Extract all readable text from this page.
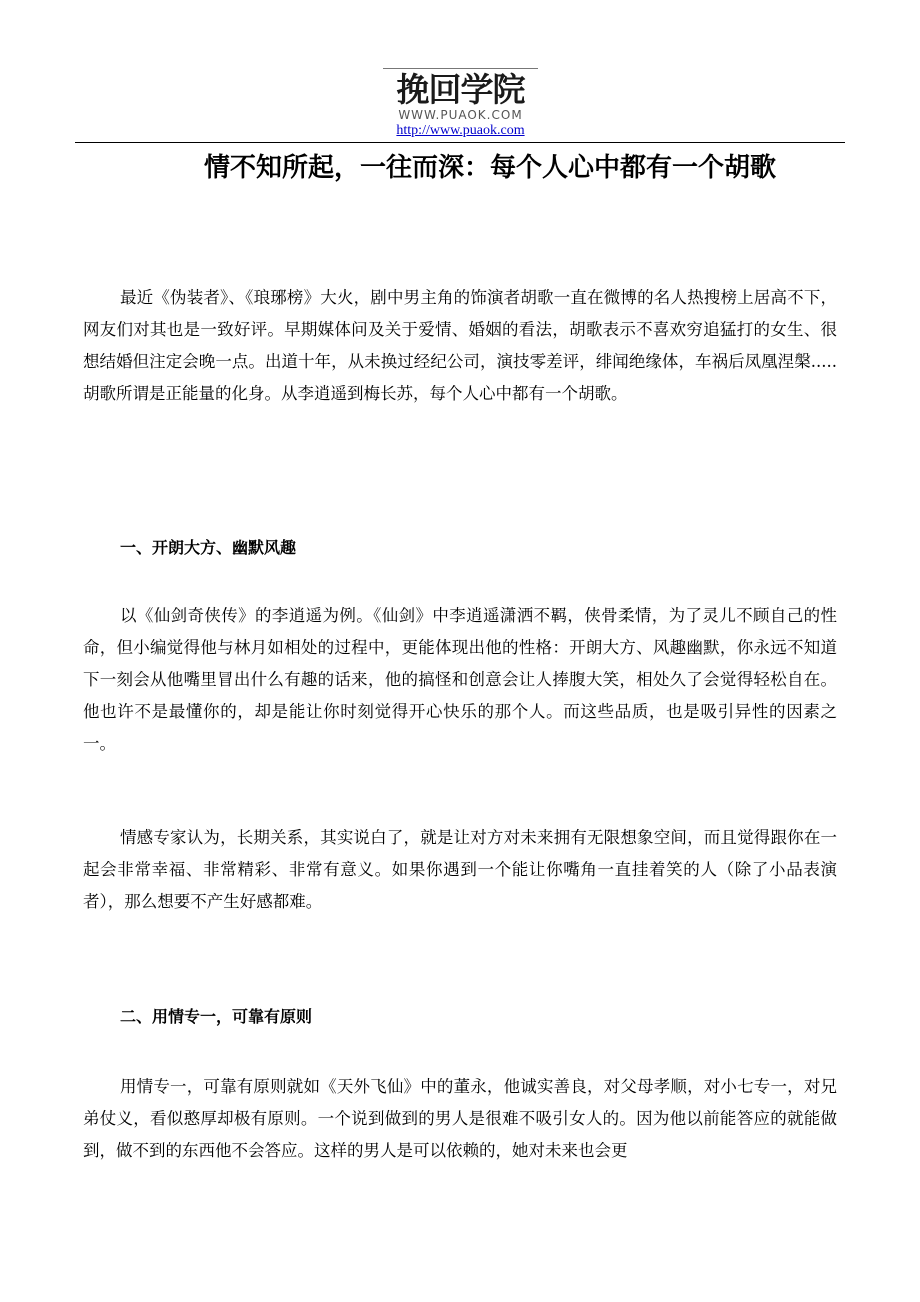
挽回学院
WWW.PUAOK.COM
http://www.puaok.com
情不知所起，一往而深：每个人心中都有一个胡歌

最近《伪装者》、《琅琊榜》大火，剧中男主角的饰演者胡歌一直在微博的名人热搜榜上居高不下，网友们对其也是一致好评。早期媒体问及关于爱情、婚姻的看法，胡歌表示不喜欢穷追猛打的女生、很想结婚但注定会晚一点。出道十年，从未换过经纪公司，演技零差评，绯闻绝缘体，车祸后凤凰涅槃.....胡歌所谓是正能量的化身。从李逍遥到梅长苏，每个人心中都有一个胡歌。

一、开朗大方、幽默风趣

以《仙剑奇侠传》的李逍遥为例。《仙剑》中李逍遥潇洒不羁，侠骨柔情，为了灵儿不顾自己的性命，但小编觉得他与林月如相处的过程中，更能体现出他的性格：开朗大方、风趣幽默，你永远不知道下一刻会从他嘴里冒出什么有趣的话来，他的搞怪和创意会让人捧腹大笑，相处久了会觉得轻松自在。他也许不是最懂你的，却是能让你时刻觉得开心快乐的那个人。而这些品质，也是吸引异性的因素之一。

情感专家认为，长期关系，其实说白了，就是让对方对未来拥有无限想象空间，而且觉得跟你在一起会非常幸福、非常精彩、非常有意义。如果你遇到一个能让你嘴角一直挂着笑的人（除了小品表演者），那么想要不产生好感都难。

二、用情专一，可靠有原则

用情专一，可靠有原则就如《天外飞仙》中的董永，他诚实善良，对父母孝顺，对小七专一，对兄弟仗义，看似憨厚却极有原则。一个说到做到的男人是很难不吸引女人的。因为他以前能答应的就能做到，做不到的东西他不会答应。这样的男人是可以依赖的，她对未来也会更
